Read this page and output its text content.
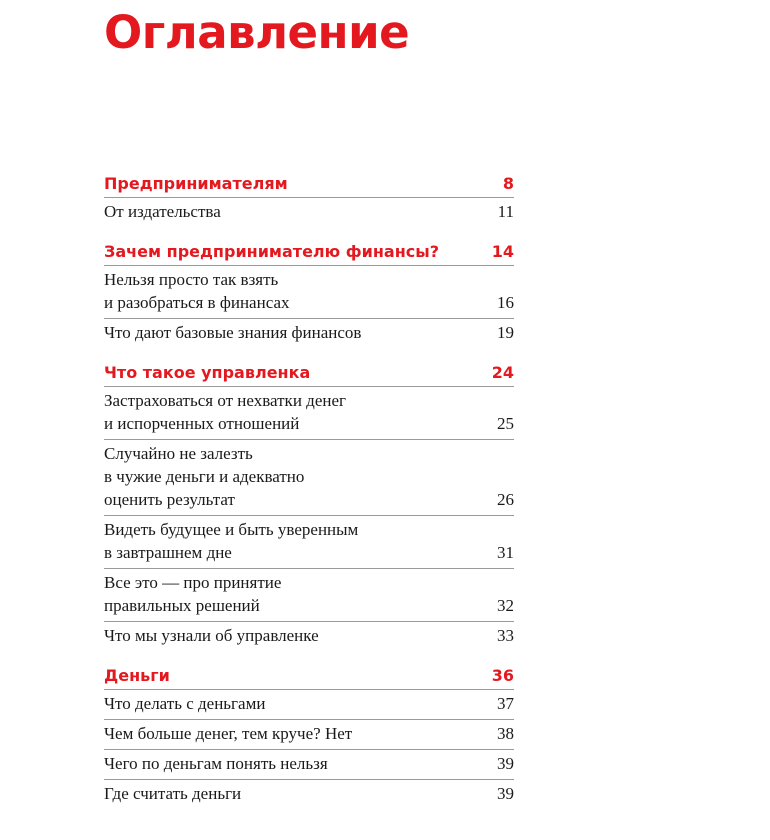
Оглавление
Предпринимателям	8
От издательства	11
Зачем предпринимателю финансы?	14
Нельзя просто так взять
и разобраться в финансах	16
Что дают базовые знания финансов	19
Что такое управленка	24
Застраховаться от нехватки денег
и испорченных отношений	25
Случайно не залезть
в чужие деньги и адекватно
оценить результат	26
Видеть будущее и быть уверенным
в завтрашнем дне	31
Все это — про принятие
правильных решений	32
Что мы узнали об управленке	33
Деньги	36
Что делать с деньгами	37
Чем больше денег, тем круче? Нет	38
Чего по деньгам понять нельзя	39
Где считать деньги	39
